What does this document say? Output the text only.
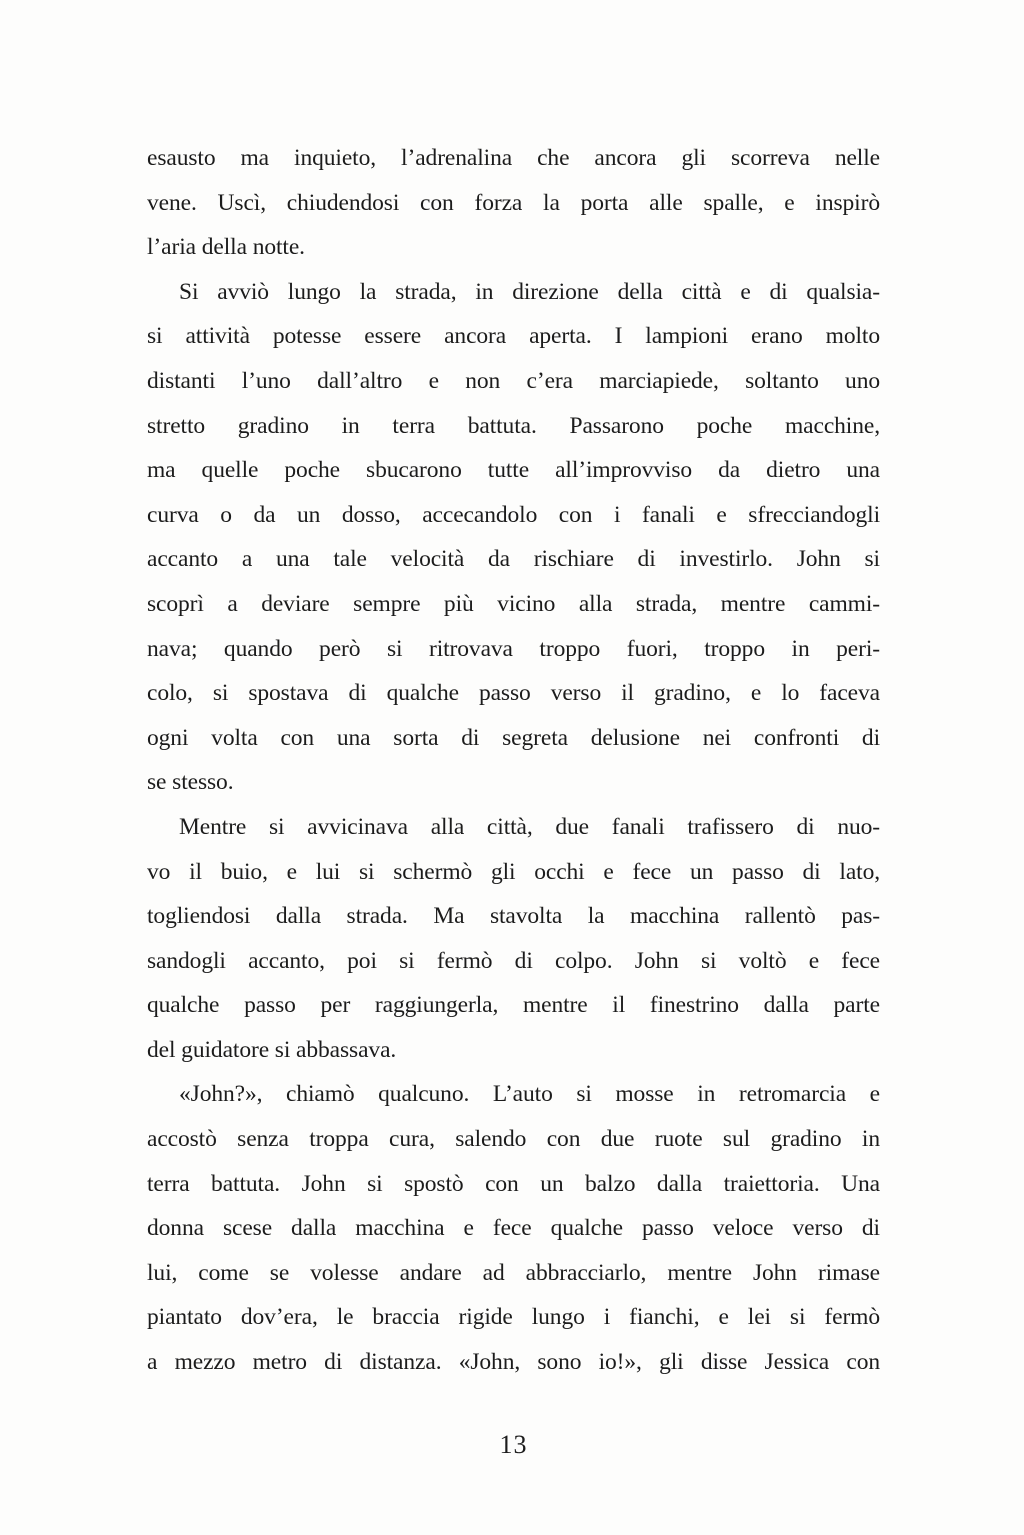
esausto ma inquieto, l’adrenalina che ancora gli scorreva nelle
vene. Uscì, chiudendosi con forza la porta alle spalle, e inspirò
l’aria della notte.
Si avviò lungo la strada, in direzione della città e di qualsia-
si attività potesse essere ancora aperta. I lampioni erano molto
distanti l’uno dall’altro e non c’era marciapiede, soltanto uno
stretto gradino in terra battuta. Passarono poche macchine,
ma quelle poche sbucarono tutte all’improvviso da dietro una
curva o da un dosso, accecandolo con i fanali e sfrecciandogli
accanto a una tale velocità da rischiare di investirlo. John si
scoprì a deviare sempre più vicino alla strada, mentre cammi-
nava; quando però si ritrovava troppo fuori, troppo in peri-
colo, si spostava di qualche passo verso il gradino, e lo faceva
ogni volta con una sorta di segreta delusione nei confronti di
se stesso.
Mentre si avvicinava alla città, due fanali trafissero di nuo-
vo il buio, e lui si schermò gli occhi e fece un passo di lato,
togliendosi dalla strada. Ma stavolta la macchina rallentò pas-
sandogli accanto, poi si fermò di colpo. John si voltò e fece
qualche passo per raggiungerla, mentre il finestrino dalla parte
del guidatore si abbassava.
«John?», chiamò qualcuno. L’auto si mosse in retromarcia e
accostò senza troppa cura, salendo con due ruote sul gradino in
terra battuta. John si spostò con un balzo dalla traiettoria. Una
donna scese dalla macchina e fece qualche passo veloce verso di
lui, come se volesse andare ad abbracciarlo, mentre John rimase
piantato dov’era, le braccia rigide lungo i fianchi, e lei si fermò
a mezzo metro di distanza. «John, sono io!», gli disse Jessica con
13
